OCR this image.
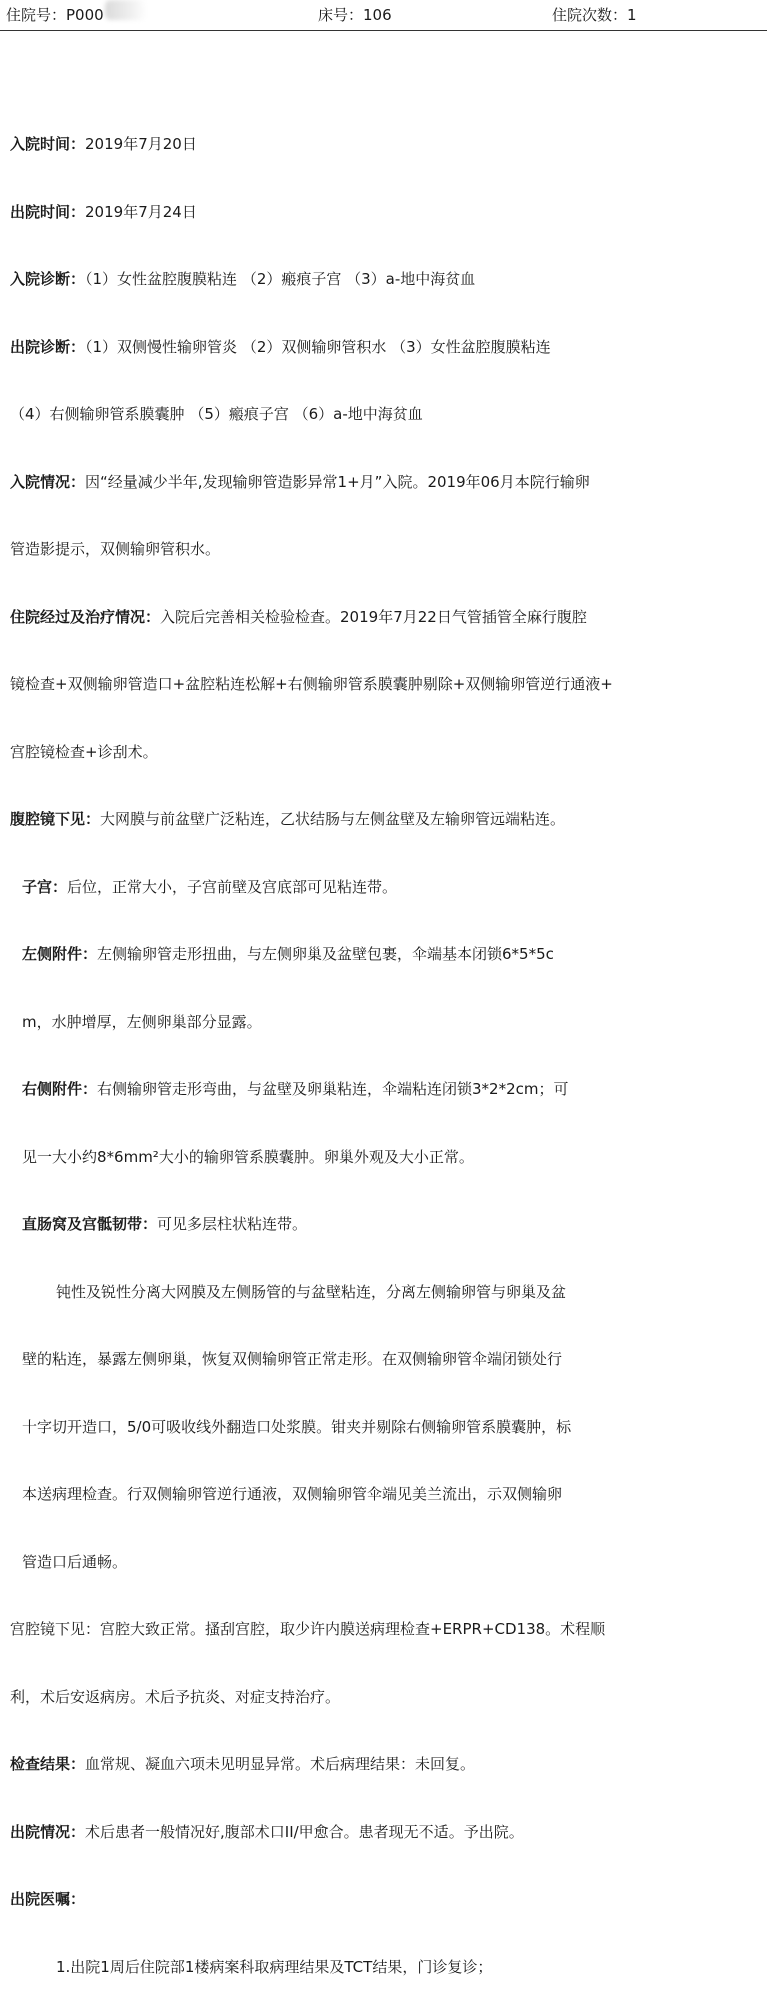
住院号：P000	床号：106	住院次数：1

入院时间：2019年7月20日

出院时间：2019年7月24日

入院诊断：（1）女性盆腔腹膜粘连 （2）瘢痕子宫 （3）a-地中海贫血

出院诊断：（1）双侧慢性输卵管炎 （2）双侧输卵管积水 （3）女性盆腔腹膜粘连

（4）右侧输卵管系膜囊肿 （5）瘢痕子宫 （6）a-地中海贫血

入院情况：因“经量减少半年,发现输卵管造影异常1+月”入院。2019年06月本院行输卵

管造影提示，双侧输卵管积水。

住院经过及治疗情况：入院后完善相关检验检查。2019年7月22日气管插管全麻行腹腔

镜检查+双侧输卵管造口+盆腔粘连松解+右侧输卵管系膜囊肿剔除+双侧输卵管逆行通液+

宫腔镜检查+诊刮术。

腹腔镜下见：大网膜与前盆壁广泛粘连，乙状结肠与左侧盆壁及左输卵管远端粘连。

子宫：后位，正常大小，子宫前壁及宫底部可见粘连带。

左侧附件：左侧输卵管走形扭曲，与左侧卵巢及盆壁包裹，伞端基本闭锁6*5*5c

m，水肿增厚，左侧卵巢部分显露。

右侧附件：右侧输卵管走形弯曲，与盆壁及卵巢粘连，伞端粘连闭锁3*2*2cm；可

见一大小约8*6mm²大小的输卵管系膜囊肿。卵巢外观及大小正常。

直肠窝及宫骶韧带：可见多层柱状粘连带。

钝性及锐性分离大网膜及左侧肠管的与盆壁粘连，分离左侧输卵管与卵巢及盆

壁的粘连，暴露左侧卵巢，恢复双侧输卵管正常走形。在双侧输卵管伞端闭锁处行

十字切开造口，5/0可吸收线外翻造口处浆膜。钳夹并剔除右侧输卵管系膜囊肿，标

本送病理检查。行双侧输卵管逆行通液，双侧输卵管伞端见美兰流出，示双侧输卵

管造口后通畅。

宫腔镜下见：宫腔大致正常。搔刮宫腔，取少许内膜送病理检查+ERPR+CD138。术程顺

利，术后安返病房。术后予抗炎、对症支持治疗。

检查结果：血常规、凝血六项未见明显异常。术后病理结果：未回复。

出院情况：术后患者一般情况好,腹部术口II/甲愈合。患者现无不适。予出院。

出院医嘱：

1.出院1周后住院部1楼病案科取病理结果及TCT结果，门诊复诊；
